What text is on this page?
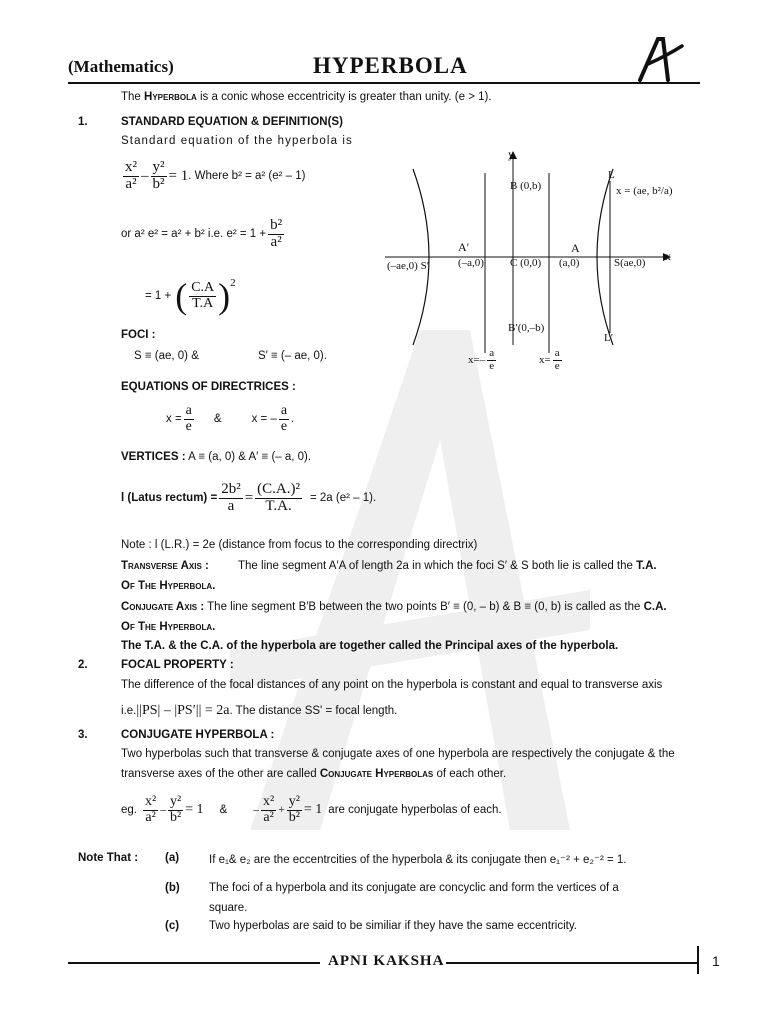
(Mathematics)	HYPERBOLA
The Hyperbola is a conic whose eccentricity is greater than unity. (e > 1).
1.	STANDARD EQUATION & DEFINITION(S)
Standard equation of the hyperbola is
$\frac{\text{x²}}{\text{a²}} - \frac{\text{y²}}{\text{b²}} = 1$ . Where b² = a² (e² – 1)
or a² e² = a² + b² i.e. $e^2 = 1 + \frac{\text{b²}}{\text{a²}}$
= 1 + ( $\frac{C.A}{T.A}$ ) 2
FOCI :
S ≡ (ae, 0) &	S′ ≡ (– ae, 0).
EQUATIONS OF DIRECTRICES :
$x = \frac{a}{e}$ &	x = – $\frac{a}{e}$ .
VERTICES : A ≡ (a, 0) & A′ ≡ (– a, 0).
l (Latus rectum) = $\frac{\text{2b²}}{a} = \frac{\text{(C.A.)²}}{T.A.} = 2a$ (e² – 1).
Note : l (L.R.) = 2e (distance from focus to the corresponding directrix)
Transverse Axis :	The line segment A′A of length 2a in which the foci S′ & S both lie is called the T.A.
Of The Hyperbola.
Conjugate Axis : The line segment B′B between the two points B′ ≡ (0, – b) & B ≡ (0, b) is called as the C.A.
Of The Hyperbola.
The T.A. & the C.A. of the hyperbola are together called the Principal axes of the hyperbola.
2.	FOCAL PROPERTY :
The difference of the focal distances of any point on the hyperbola is constant and equal to transverse axis
i.e.||PS| – |PS′|| = 2a. The distance SS' = focal length.
3.	CONJUGATE HYPERBOLA :
Two hyperbolas such that transverse & conjugate axes of one hyperbola are respectively the conjugate & the
transverse axes of the other are called Conjugate Hyperbolas of each other.
eg. $\frac{\text{x²}}{\text{a²}} - \frac{\text{y²}}{\text{b²}} = 1$ & – $\frac{\text{x²}}{\text{a²}} + \frac{\text{y²}}{\text{b²}} = 1$ are conjugate hyperbolas of each.
Note That : (a)	If e₁& e₂ are the eccentrcities of the hyperbola & its conjugate then e₁⁻² + e₂⁻² = 1.
(b)	The foci of a hyperbola and its conjugate are concyclic and form the vertices of a
square.
(c)	Two hyperbolas are said to be similiar if they have the same eccentricity.
y
x
B (0,b)
L
x = (ae, b²/a)
A′	A
(–ae,0) S′	(–a,0) C (0,0) (a,0)	S(ae,0)
B′(0,–b)
L′
$x=- \frac{a}{e}$	$x= \frac{a}{e}$
APNI KAKSHA	1
